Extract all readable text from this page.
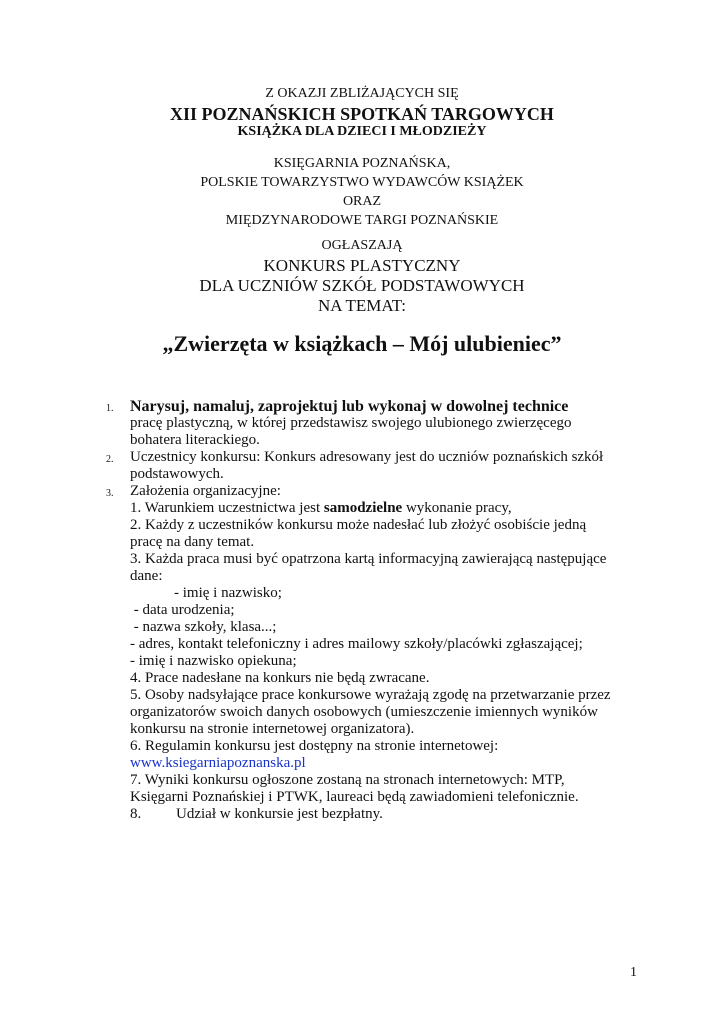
Z OKAZJI ZBLIŻAJĄCYCH SIĘ
XII POZNAŃSKICH SPOTKAŃ TARGOWYCH
KSIĄŻKA DLA DZIECI I MŁODZIEŻY
KSIĘGARNIA POZNAŃSKA,
POLSKIE TOWARZYSTWO WYDAWCÓW KSIĄŻEK
ORAZ
MIĘDZYNARODOWE TARGI POZNAŃSKIE
OGŁASZAJĄ
KONKURS PLASTYCZNY
DLA UCZNIÓW SZKÓŁ PODSTAWOWYCH
NA TEMAT:
„Zwierzęta w książkach – Mój ulubieniec”
1. Narysuj, namaluj, zaprojektuj lub wykonaj w dowolnej technice
pracę plastyczną, w której przedstawisz swojego ulubionego zwierzęcego
bohatera literackiego.
2. Uczestnicy konkursu: Konkurs adresowany jest do uczniów poznańskich szkół
podstawowych.
3. Założenia organizacyjne:
1. Warunkiem uczestnictwa jest samodzielne wykonanie pracy,
2. Każdy z uczestników konkursu może nadesłać lub złożyć osobiście jedną
pracę na dany temat.
3. Każda praca musi być opatrzona kartą informacyjną zawierającą następujące
dane:
- imię i nazwisko;
- data urodzenia;
- nazwa szkoły, klasa...;
- adres, kontakt telefoniczny i adres mailowy szkoły/placówki zgłaszającej;
- imię i nazwisko opiekuna;
4. Prace nadesłane na konkurs nie będą zwracane.
5. Osoby nadsyłające prace konkursowe wyrażają zgodę na przetwarzanie przez
organizatorów swoich danych osobowych (umieszczenie imiennych wyników
konkursu na stronie internetowej organizatora).
6. Regulamin konkursu jest dostępny na stronie internetowej:
www.ksiegarniapoznanska.pl
7. Wyniki konkursu ogłoszone zostaną na stronach internetowych: MTP,
Księgarni Poznańskiej i PTWK, laureaci będą zawiadomieni telefonicznie.
8.	Udział w konkursie jest bezpłatny.
1
